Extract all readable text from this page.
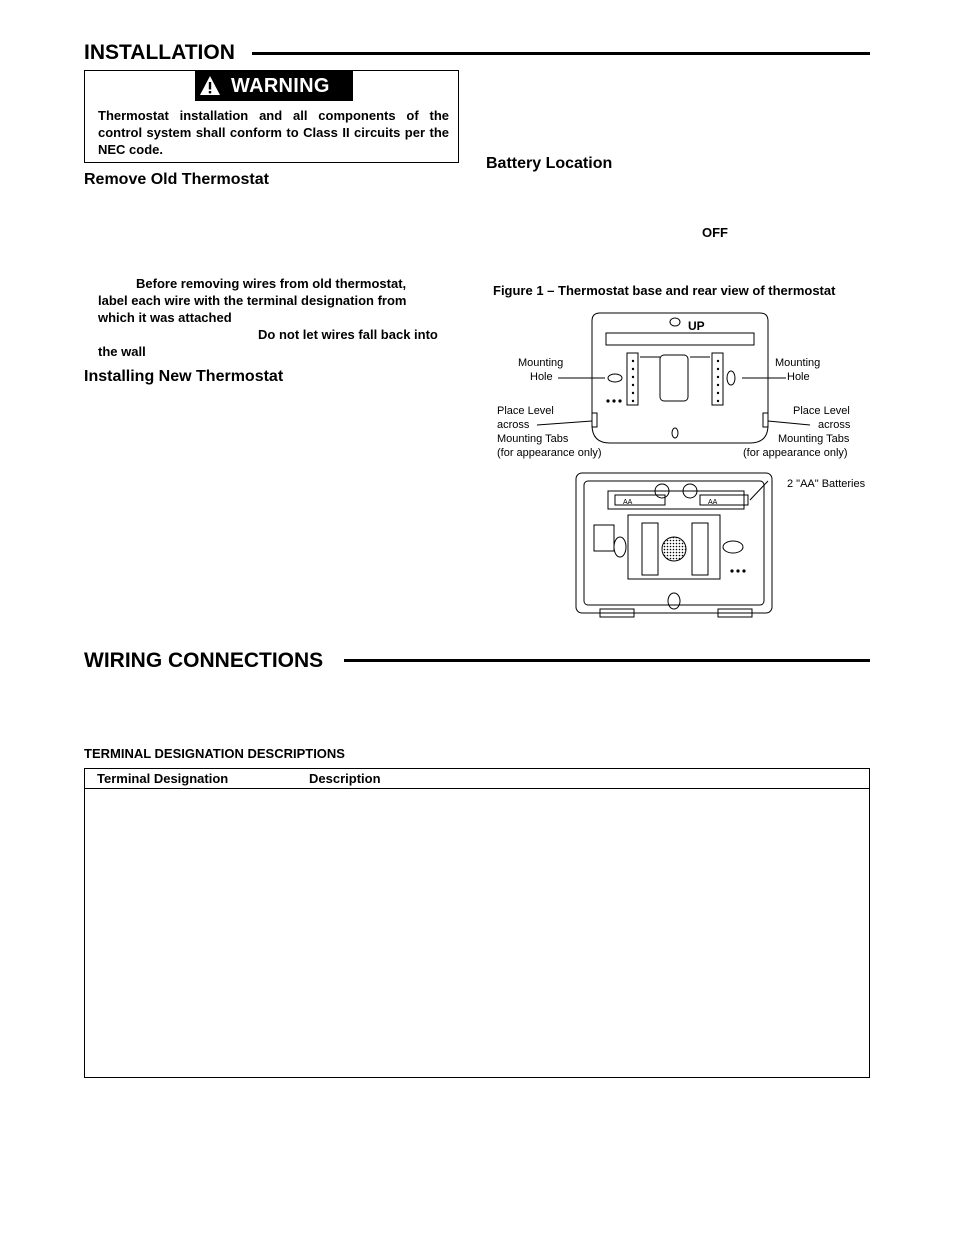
INSTALLATION
WARNING
Thermostat installation and all components of the control system shall conform to Class II circuits per the NEC code.
Remove Old Thermostat
Before removing wires from old thermostat,
label each wire with the terminal designation from
which it was attached
Do not let wires fall back into
the wall
Installing New Thermostat
Battery Location
OFF
Figure 1 – Thermostat base and rear view of thermostat
UP
AA	AA
Mounting
Hole
Mounting
Hole
Place Level
across
Mounting Tabs
(for appearance only)
Place Level
across
Mounting Tabs
(for appearance only)
2 "AA" Batteries
WIRING CONNECTIONS
TERMINAL DESIGNATION DESCRIPTIONS
Terminal Designation	Description
